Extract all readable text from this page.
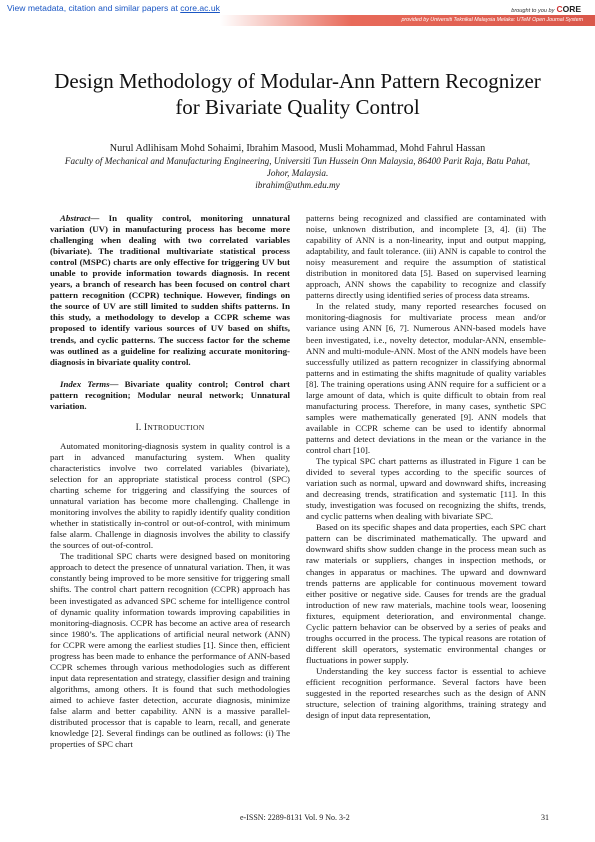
View metadata, citation and similar papers at core.ac.uk	brought to you by CORE
provided by Universiti Teknikal Malaysia Melaka: UTeM Open Journal System
Design Methodology of Modular-Ann Pattern Recognizer for Bivariate Quality Control
Nurul Adlihisam Mohd Sohaimi, Ibrahim Masood, Musli Mohammad, Mohd Fahrul Hassan
Faculty of Mechanical and Manufacturing Engineering, Universiti Tun Hussein Onn Malaysia, 86400 Parit Raja, Batu Pahat, Johor, Malaysia.
ibrahim@uthm.edu.my

Abstract— In quality control, monitoring unnatural variation (UV) in manufacturing process has become more challenging when dealing with two correlated variables (bivariate). The traditional multivariate statistical process control (MSPC) charts are only effective for triggering UV but unable to provide information towards diagnosis. In recent years, a branch of research has been focused on control chart pattern recognition (CCPR) technique. However, findings on the source of UV are still limited to sudden shifts patterns. In this study, a methodology to develop a CCPR scheme was proposed to identify various sources of UV based on shifts, trends, and cyclic patterns. The success factor for the scheme was outlined as a guideline for realizing accurate monitoring-diagnosis in bivariate quality control.

Index Terms— Bivariate quality control; Control chart pattern recognition; Modular neural network; Unnatural variation.

I. INTRODUCTION

Automated monitoring-diagnosis system in quality control is a part in advanced manufacturing system. When quality characteristics involve two correlated variables (bivariate), selection for an appropriate statistical process control (SPC) charting scheme for triggering and classifying the sources of unnatural variation has become more challenging. Challenge in monitoring involves the ability to rapidly identify quality condition whether in statistically in-control or out-of-control, with minimum false alarm. Challenge in diagnosis involves the ability to classify the sources of out-of-control.

The traditional SPC charts were designed based on monitoring approach to detect the presence of unnatural variation. Then, it was constantly being improved to be more sensitive for triggering small shifts. The control chart pattern recognition (CCPR) approach has been investigated as advanced SPC scheme for intelligence control of dynamic quality information towards improving capabilities in monitoring-diagnosis. CCPR has become an active area of research since 1980’s. The applications of artificial neural network (ANN) for CCPR were among the earliest studies [1]. Since then, efficient progress has been made to enhance the performance of ANN-based CCPR schemes through various methodologies such as different input data representation and strategy, classifier design and training algorithms, among others. It is found that such methodologies aimed to achieve faster detection, accurate diagnosis, minimize false alarm and better capability. ANN is a massive parallel-distributed processor that is capable to learn, recall, and generate knowledge [2]. Several findings can be outlined as follows: (i) The properties of SPC chart

patterns being recognized and classified are contaminated with noise, unknown distribution, and incomplete [3, 4]. (ii) The capability of ANN is a non-linearity, input and output mapping, adaptability, and fault tolerance. (iii) ANN is capable to control the noisy measurement and require the assumption of statistical distribution in monitored data [5]. Based on supervised learning approach, ANN shows the capability to recognize and classify patterns directly using identified series of process data streams.

In the related study, many reported researches focused on monitoring-diagnosis for multivariate process mean and/or variance using ANN [6, 7]. Numerous ANN-based models have been investigated, i.e., novelty detector, modular-ANN, ensemble-ANN and multi-module-ANN. Most of the ANN models have been successfully utilized as pattern recognizer in classifying abnormal patterns and in estimating the shifts magnitude of quality variables [8]. The training operations using ANN require for a sufficient or a large amount of data, which is quite difficult to obtain from real manufacturing process. Therefore, in many cases, synthetic SPC samples were mathematically generated [9]. ANN models that available in CCPR scheme can be used to identify abnormal patterns and detect deviations in the mean or the variance in the control chart [10].

The typical SPC chart patterns as illustrated in Figure 1 can be divided to several types according to the specific sources of variation such as normal, upward and downward shifts, increasing and decreasing trends, stratification and systematic [11]. In this study, investigation was focused on recognizing the shifts, trends, and cyclic patterns when dealing with bivariate SPC.

Based on its specific shapes and data properties, each SPC chart pattern can be discriminated mathematically. The upward and downward shifts show sudden change in the process mean such as raw materials or suppliers, changes in inspection methods, or changes in apparatus or machines. The upward and downward trends patterns are applicable for continuous movement toward either positive or negative side. Causes for trends are the gradual introduction of new raw materials, machine tools wear, loosening fixtures, equipment deterioration, and environmental change. Cyclic pattern behavior can be observed by a series of peaks and troughs occurred in the process. The typical reasons are rotation of different skill operators, systematic environmental changes or fluctuations in power supply.

Understanding the key success factor is essential to achieve efficient recognition performance. Several factors have been suggested in the reported researches such as the design of ANN structure, selection of training algorithms, training strategy and design of input data representation,

e-ISSN: 2289-8131 Vol. 9 No. 3-2	31
